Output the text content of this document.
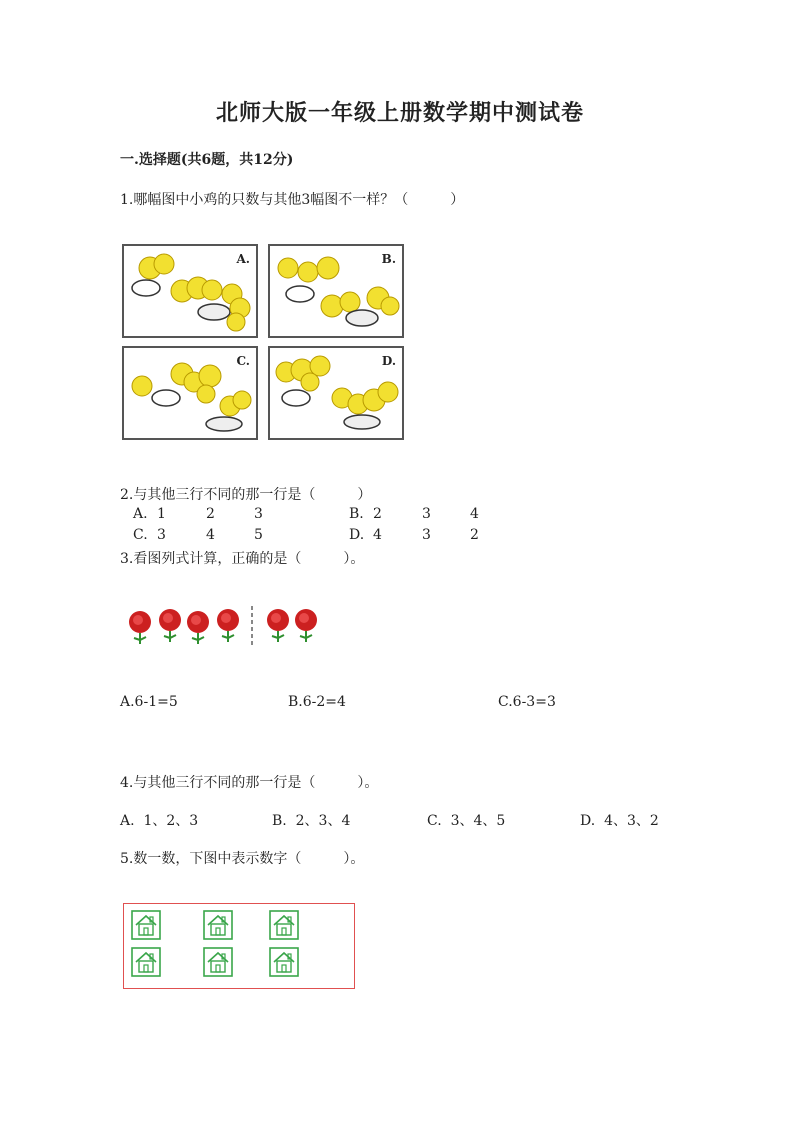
北师大版一年级上册数学期中测试卷
一.选择题(共6题，共12分)
1.哪幅图中小鸡的只数与其他3幅图不一样？（　　　）
A.	B.
C.	D.
2.与其他三行不同的那一行是（　　　）
A. 1	2	3	B. 2	3	4
C. 3	4	5	D. 4	3	2
3.看图列式计算，正确的是（　　　）。
A.6-1=5	B.6-2=4	C.6-3=3
4.与其他三行不同的那一行是（　　　）。
A.  1、2、3	B.  2、3、4	C.  3、4、5	D.  4、3、2
5.数一数，下图中表示数字（　　　）。
